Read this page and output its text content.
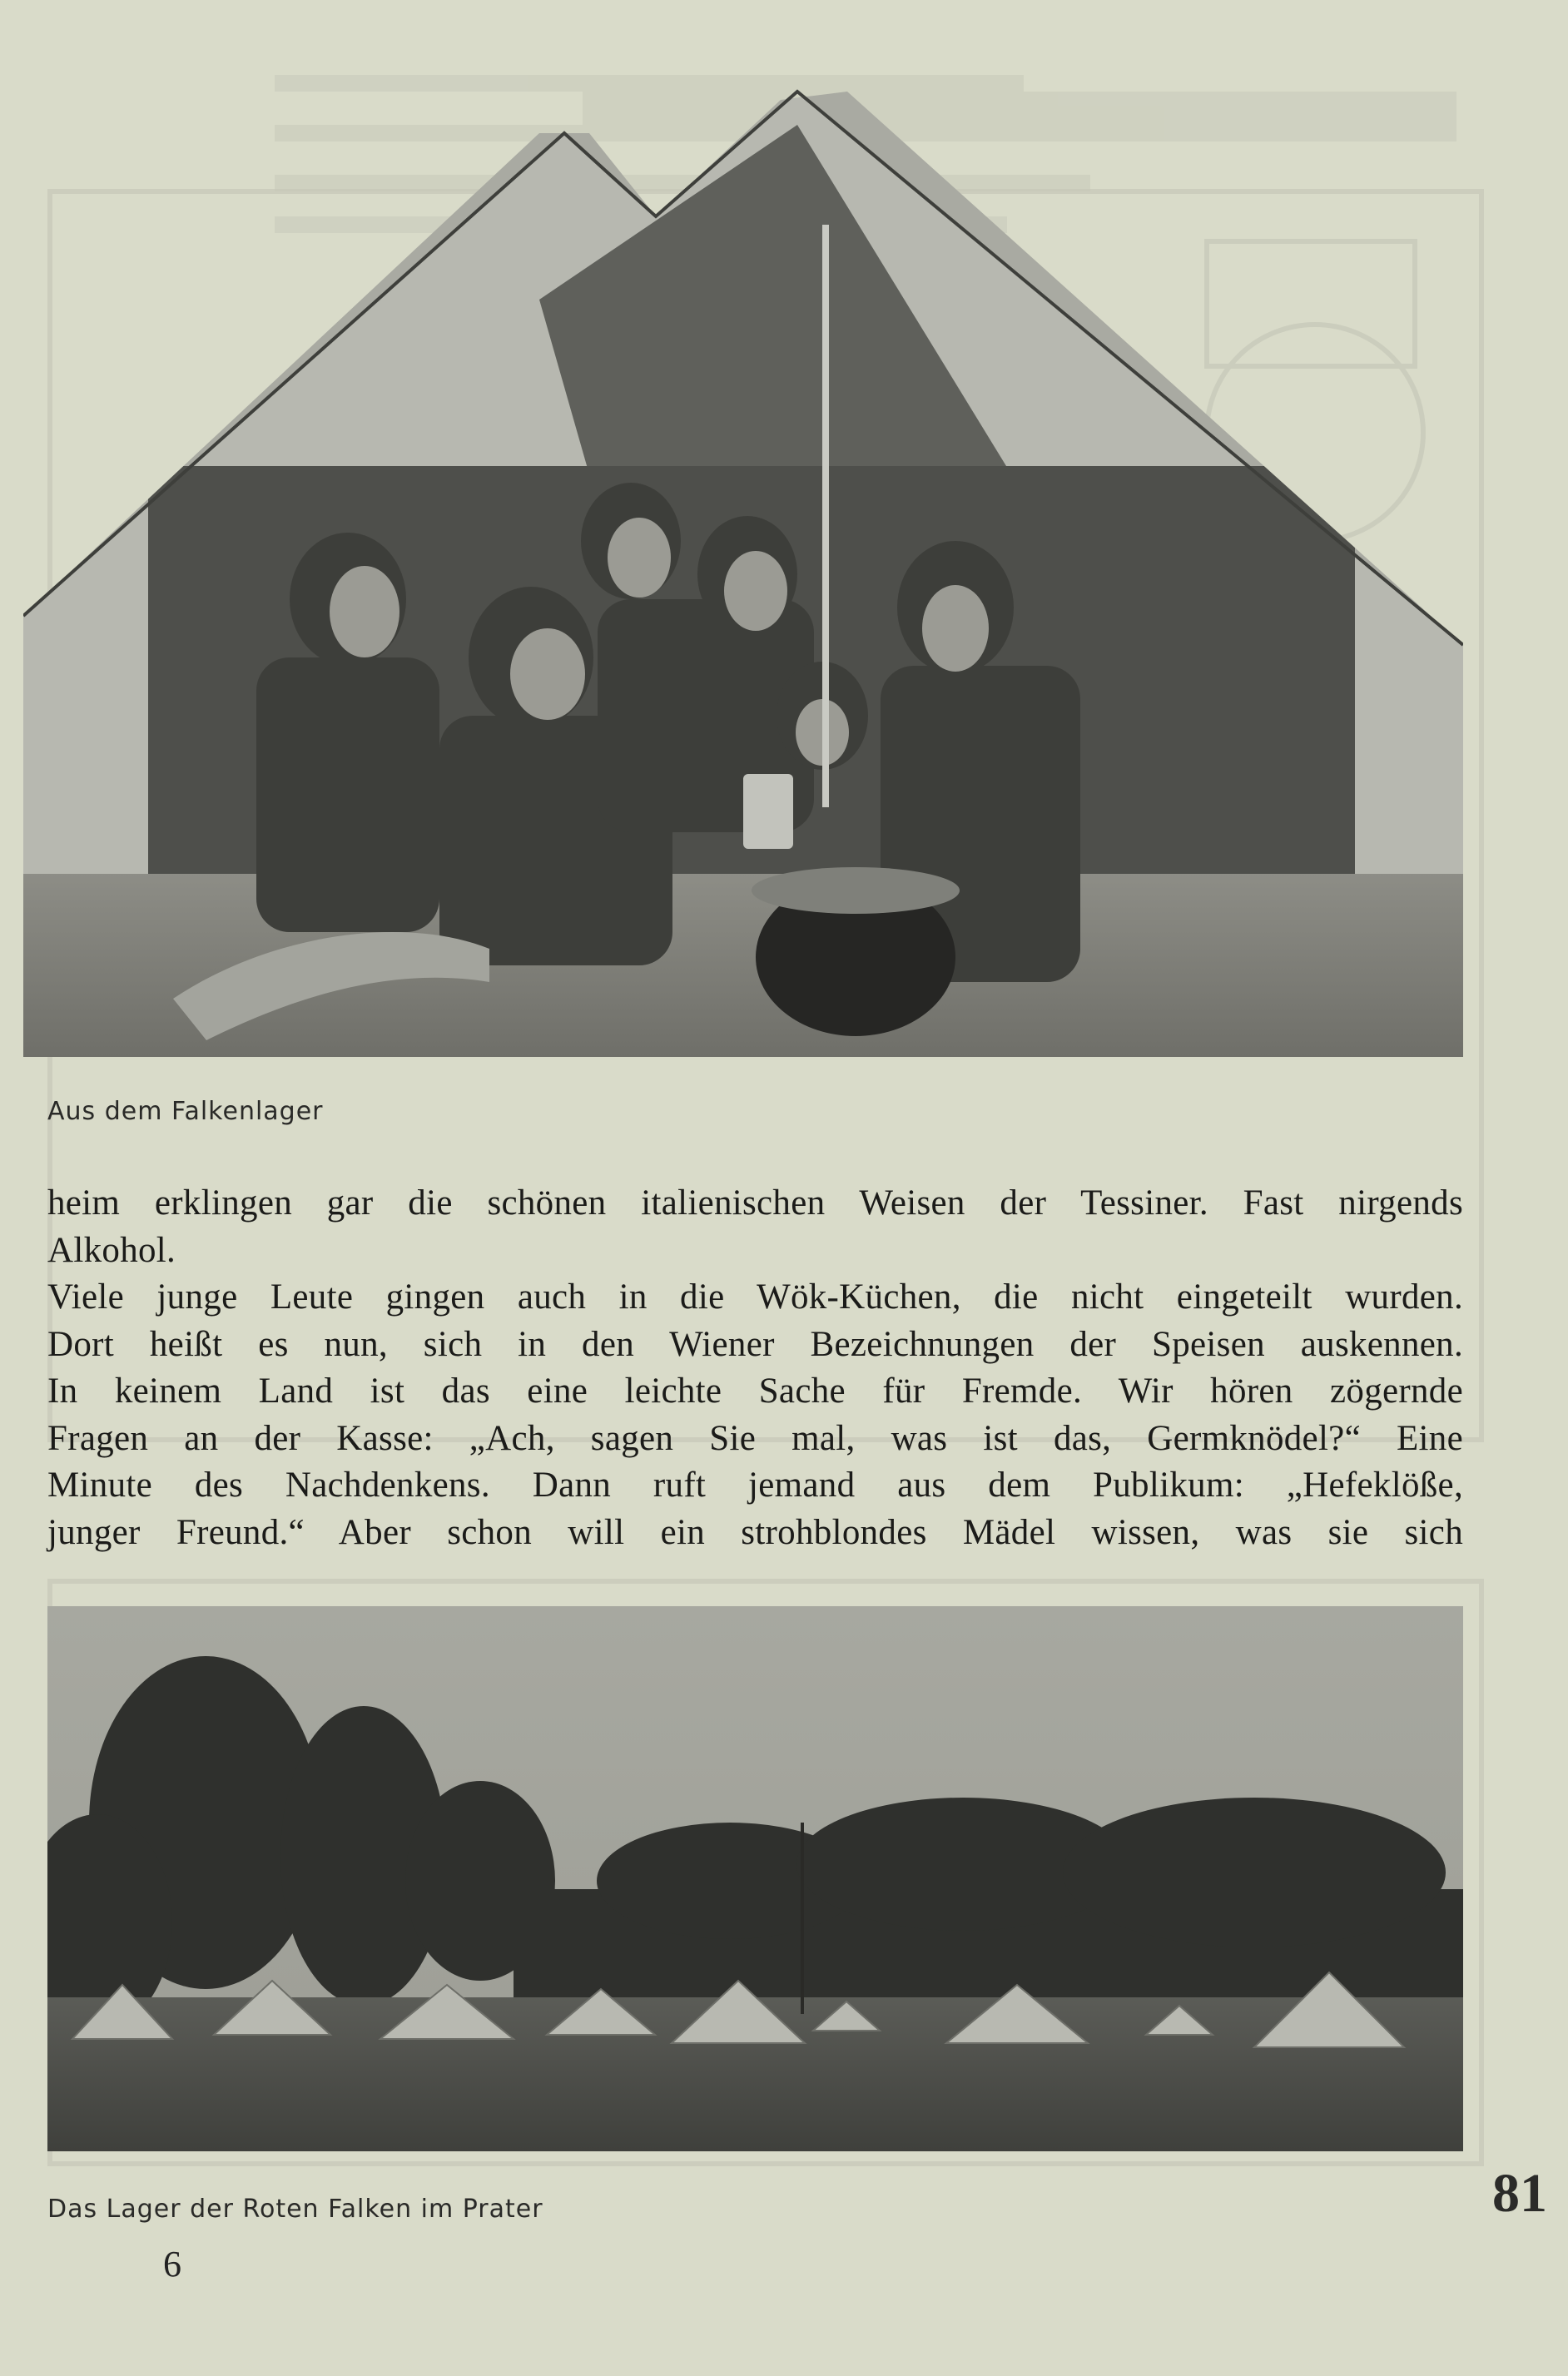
Aus dem Falkenlager

heim erklingen gar die schönen italienischen Weisen der Tessiner. Fast nirgends

Alkohol.

Viele junge Leute gingen auch in die Wök-Küchen, die nicht eingeteilt wurden.

Dort heißt es nun, sich in den Wiener Bezeichnungen der Speisen auskennen.

In keinem Land ist das eine leichte Sache für Fremde. Wir hören zögernde

Fragen an der Kasse: „Ach, sagen Sie mal, was ist das, Germknödel?“ Eine

Minute des Nachdenkens. Dann ruft jemand aus dem Publikum: „Hefeklöße,

junger Freund.“ Aber schon will ein strohblondes Mädel wissen, was sie sich

Das Lager der Roten Falken im Prater
6
81
